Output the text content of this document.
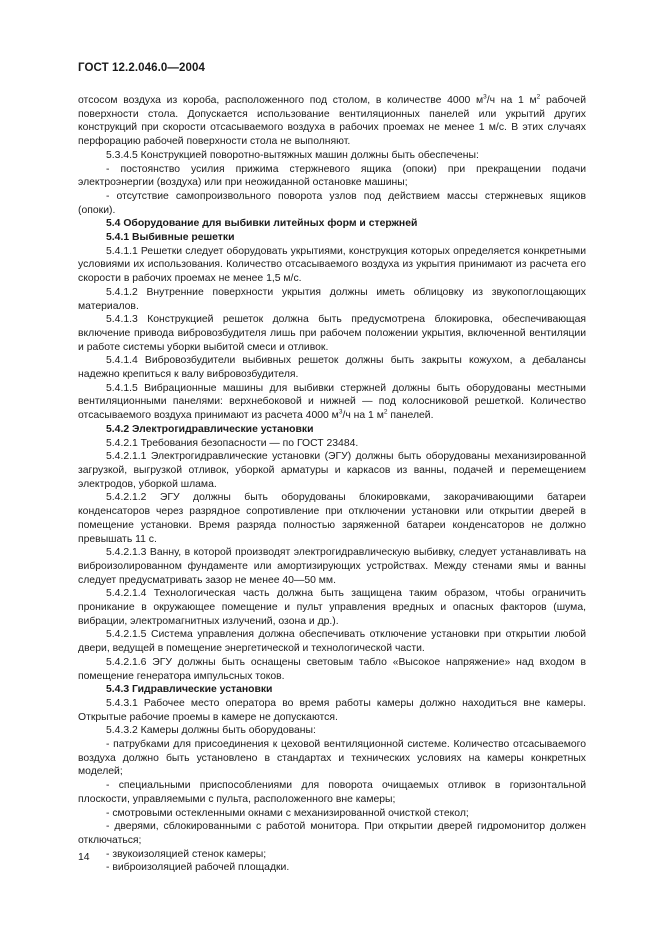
ГОСТ 12.2.046.0—2004

отсосом воздуха из короба, расположенного под столом, в количестве 4000 $м^3/ч$ на 1 $м^2$ рабочей поверхности стола. Допускается использование вентиляционных панелей или укрытий других конструкций при скорости отсасываемого воздуха в рабочих проемах не менее 1 м/с. В этих случаях перфорацию рабочей поверхности стола не выполняют.

5.3.4.5 Конструкцией поворотно-вытяжных машин должны быть обеспечены:

- постоянство усилия прижима стержневого ящика (опоки) при прекращении подачи электроэнергии (воздуха) или при неожиданной остановке машины;

- отсутствие самопроизвольного поворота узлов под действием массы стержневых ящиков (опоки).

5.4 Оборудование для выбивки литейных форм и стержней

5.4.1 Выбивные решетки

5.4.1.1 Решетки следует оборудовать укрытиями, конструкция которых определяется конкретными условиями их использования. Количество отсасываемого воздуха из укрытия принимают из расчета его скорости в рабочих проемах не менее 1,5 м/с.

5.4.1.2 Внутренние поверхности укрытия должны иметь облицовку из звукопоглощающих материалов.

5.4.1.3 Конструкцией решеток должна быть предусмотрена блокировка, обеспечивающая включение привода вибровозбудителя лишь при рабочем положении укрытия, включенной вентиляции и работе системы уборки выбитой смеси и отливок.

5.4.1.4 Вибровозбудители выбивных решеток должны быть закрыты кожухом, а дебалансы надежно крепиться к валу вибровозбудителя.

5.4.1.5 Вибрационные машины для выбивки стержней должны быть оборудованы местными вентиляционными панелями: верхнебоковой и нижней — под колосниковой решеткой. Количество отсасываемого воздуха принимают из расчета 4000 $м^3/ч$ на 1 $м^2$ панелей.

5.4.2 Электрогидравлические установки

5.4.2.1 Требования безопасности — по ГОСТ 23484.

5.4.2.1.1 Электрогидравлические установки (ЭГУ) должны быть оборудованы механизированной загрузкой, выгрузкой отливок, уборкой арматуры и каркасов из ванны, подачей и перемещением электродов, уборкой шлама.

5.4.2.1.2 ЭГУ должны быть оборудованы блокировками, закорачивающими батареи конденсаторов через разрядное сопротивление при отключении установки или открытии дверей в помещение установки. Время разряда полностью заряженной батареи конденсаторов не должно превышать 11 с.

5.4.2.1.3 Ванну, в которой производят электрогидравлическую выбивку, следует устанавливать на виброизолированном фундаменте или амортизирующих устройствах. Между стенами ямы и ванны следует предусматривать зазор не менее 40—50 мм.

5.4.2.1.4 Технологическая часть должна быть защищена таким образом, чтобы ограничить проникание в окружающее помещение и пульт управления вредных и опасных факторов (шума, вибрации, электромагнитных излучений, озона и др.).

5.4.2.1.5 Система управления должна обеспечивать отключение установки при открытии любой двери, ведущей в помещение энергетической и технологической части.

5.4.2.1.6 ЭГУ должны быть оснащены световым табло «Высокое напряжение» над входом в помещение генератора импульсных токов.

5.4.3 Гидравлические установки

5.4.3.1 Рабочее место оператора во время работы камеры должно находиться вне камеры. Открытые рабочие проемы в камере не допускаются.

5.4.3.2 Камеры должны быть оборудованы:

- патрубками для присоединения к цеховой вентиляционной системе. Количество отсасываемого воздуха должно быть установлено в стандартах и технических условиях на камеры конкретных моделей;

- специальными приспособлениями для поворота очищаемых отливок в горизонтальной плоскости, управляемыми с пульта, расположенного вне камеры;

- смотровыми остекленными окнами с механизированной очисткой стекол;

- дверями, сблокированными с работой монитора. При открытии дверей гидромонитор должен отключаться;

- звукоизоляцией стенок камеры;

- виброизоляцией рабочей площадки.

14
